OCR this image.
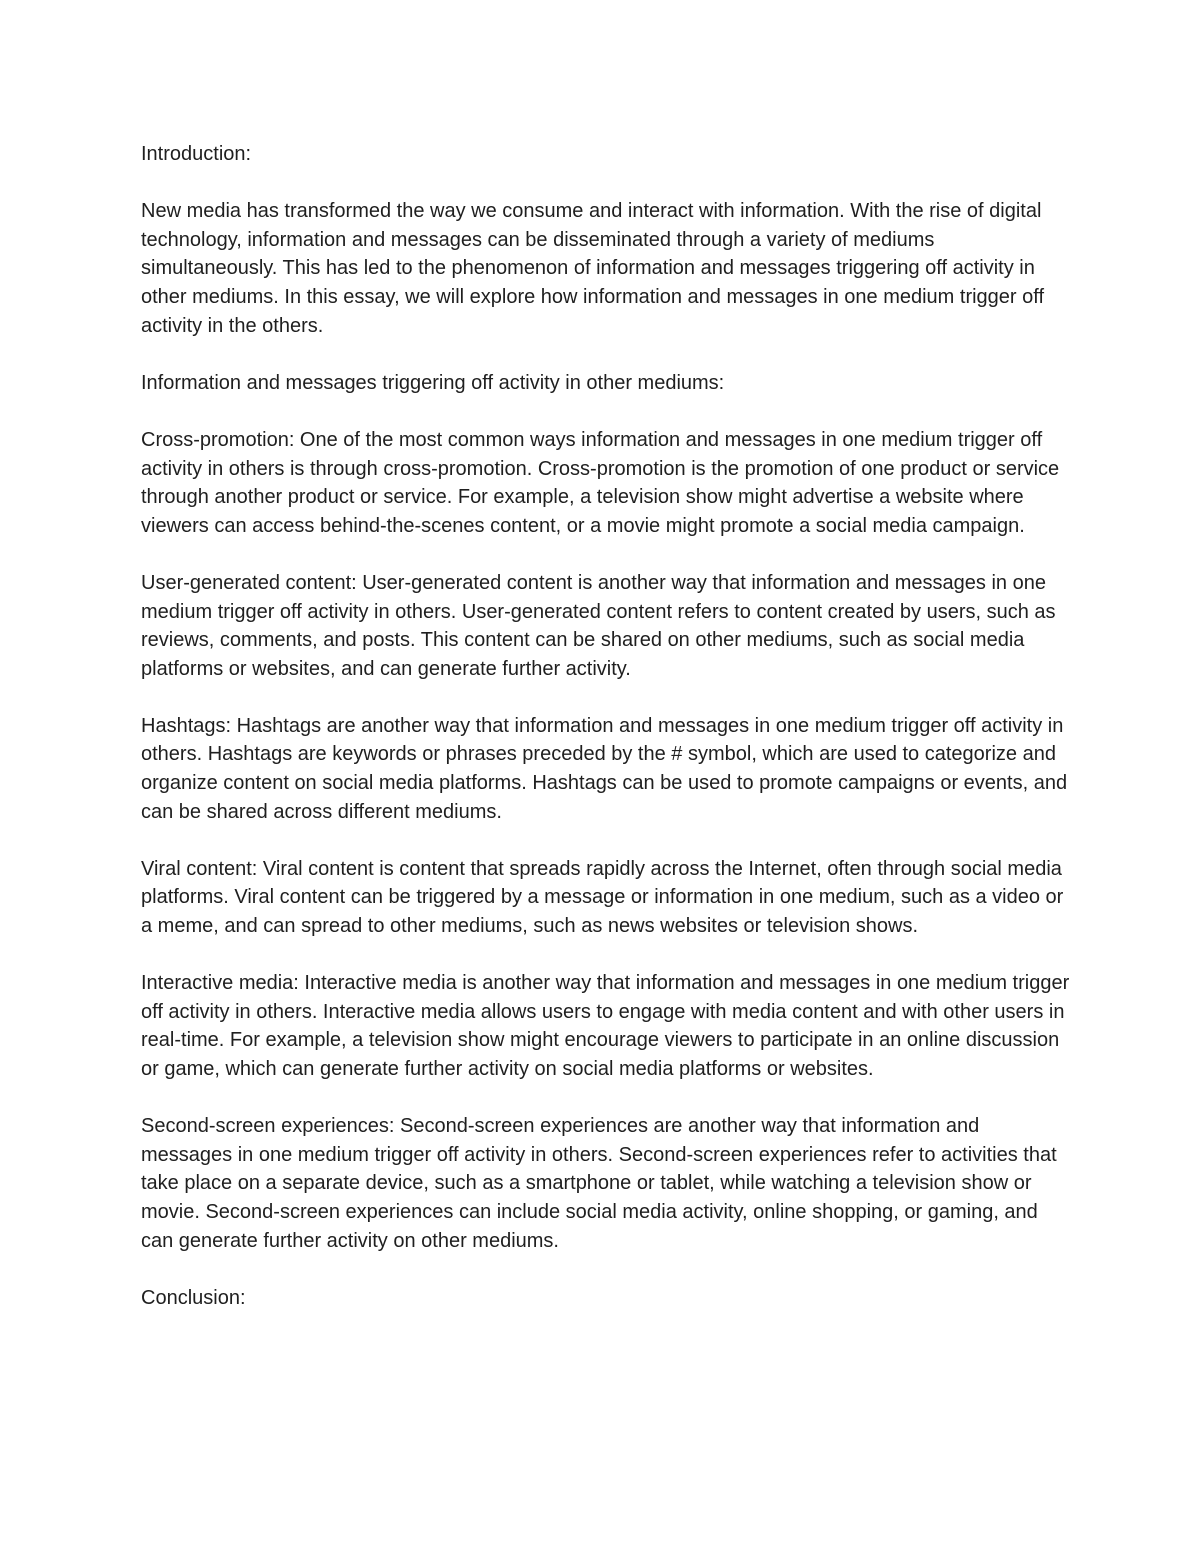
Introduction:

New media has transformed the way we consume and interact with information. With the rise of digital technology, information and messages can be disseminated through a variety of mediums simultaneously. This has led to the phenomenon of information and messages triggering off activity in other mediums. In this essay, we will explore how information and messages in one medium trigger off activity in the others.

Information and messages triggering off activity in other mediums:

Cross-promotion: One of the most common ways information and messages in one medium trigger off activity in others is through cross-promotion. Cross-promotion is the promotion of one product or service through another product or service. For example, a television show might advertise a website where viewers can access behind-the-scenes content, or a movie might promote a social media campaign.

User-generated content: User-generated content is another way that information and messages in one medium trigger off activity in others. User-generated content refers to content created by users, such as reviews, comments, and posts. This content can be shared on other mediums, such as social media platforms or websites, and can generate further activity.

Hashtags: Hashtags are another way that information and messages in one medium trigger off activity in others. Hashtags are keywords or phrases preceded by the # symbol, which are used to categorize and organize content on social media platforms. Hashtags can be used to promote campaigns or events, and can be shared across different mediums.

Viral content: Viral content is content that spreads rapidly across the Internet, often through social media platforms. Viral content can be triggered by a message or information in one medium, such as a video or a meme, and can spread to other mediums, such as news websites or television shows.

Interactive media: Interactive media is another way that information and messages in one medium trigger off activity in others. Interactive media allows users to engage with media content and with other users in real-time. For example, a television show might encourage viewers to participate in an online discussion or game, which can generate further activity on social media platforms or websites.

Second-screen experiences: Second-screen experiences are another way that information and messages in one medium trigger off activity in others. Second-screen experiences refer to activities that take place on a separate device, such as a smartphone or tablet, while watching a television show or movie. Second-screen experiences can include social media activity, online shopping, or gaming, and can generate further activity on other mediums.

Conclusion:
